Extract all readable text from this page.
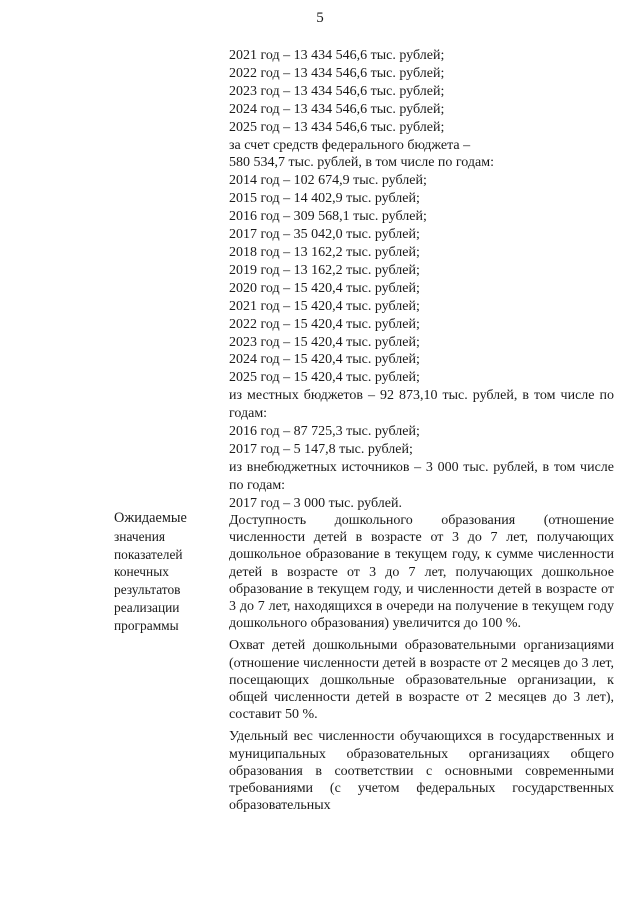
5
2021 год – 13 434 546,6 тыс. рублей;
2022 год – 13 434 546,6 тыс. рублей;
2023 год – 13 434 546,6 тыс. рублей;
2024 год – 13 434 546,6 тыс. рублей;
2025 год – 13 434 546,6 тыс. рублей;
за счет средств федерального бюджета –
580 534,7 тыс. рублей, в том числе по годам:
2014 год – 102 674,9 тыс. рублей;
2015 год – 14 402,9 тыс. рублей;
2016 год – 309 568,1 тыс. рублей;
2017 год – 35 042,0 тыс. рублей;
2018 год – 13 162,2 тыс. рублей;
2019 год – 13 162,2 тыс. рублей;
2020 год – 15 420,4 тыс. рублей;
2021 год – 15 420,4 тыс. рублей;
2022 год – 15 420,4 тыс. рублей;
2023 год – 15 420,4 тыс. рублей;
2024 год – 15 420,4 тыс. рублей;
2025 год – 15 420,4 тыс. рублей;
из местных бюджетов – 92 873,10 тыс. рублей, в том числе по годам:
2016 год – 87 725,3 тыс. рублей;
2017 год – 5 147,8 тыс. рублей;
из внебюджетных источников – 3 000 тыс. рублей, в том числе по годам:
2017 год – 3 000 тыс. рублей.
Ожидаемые
значения
показателей
конечных
результатов
реализации
программы

Доступность дошкольного образования (отношение численности детей в возрасте от 3 до 7 лет, получающих дошкольное образование в текущем году, к сумме численности детей в возрасте от 3 до 7 лет, получающих дошкольное образование в текущем году, и численности детей в возрасте от 3 до 7 лет, находящихся в очереди на получение в текущем году дошкольного образования) увеличится до 100 %.

Охват детей дошкольными образовательными организациями (отношение численности детей в возрасте от 2 месяцев до 3 лет, посещающих дошкольные образовательные организации, к общей численности детей в возрасте от 2 месяцев до 3 лет), составит 50 %.

Удельный вес численности обучающихся в государственных и муниципальных образовательных организациях общего образования в соответствии с основными современными требованиями (с учетом федеральных государственных образовательных
